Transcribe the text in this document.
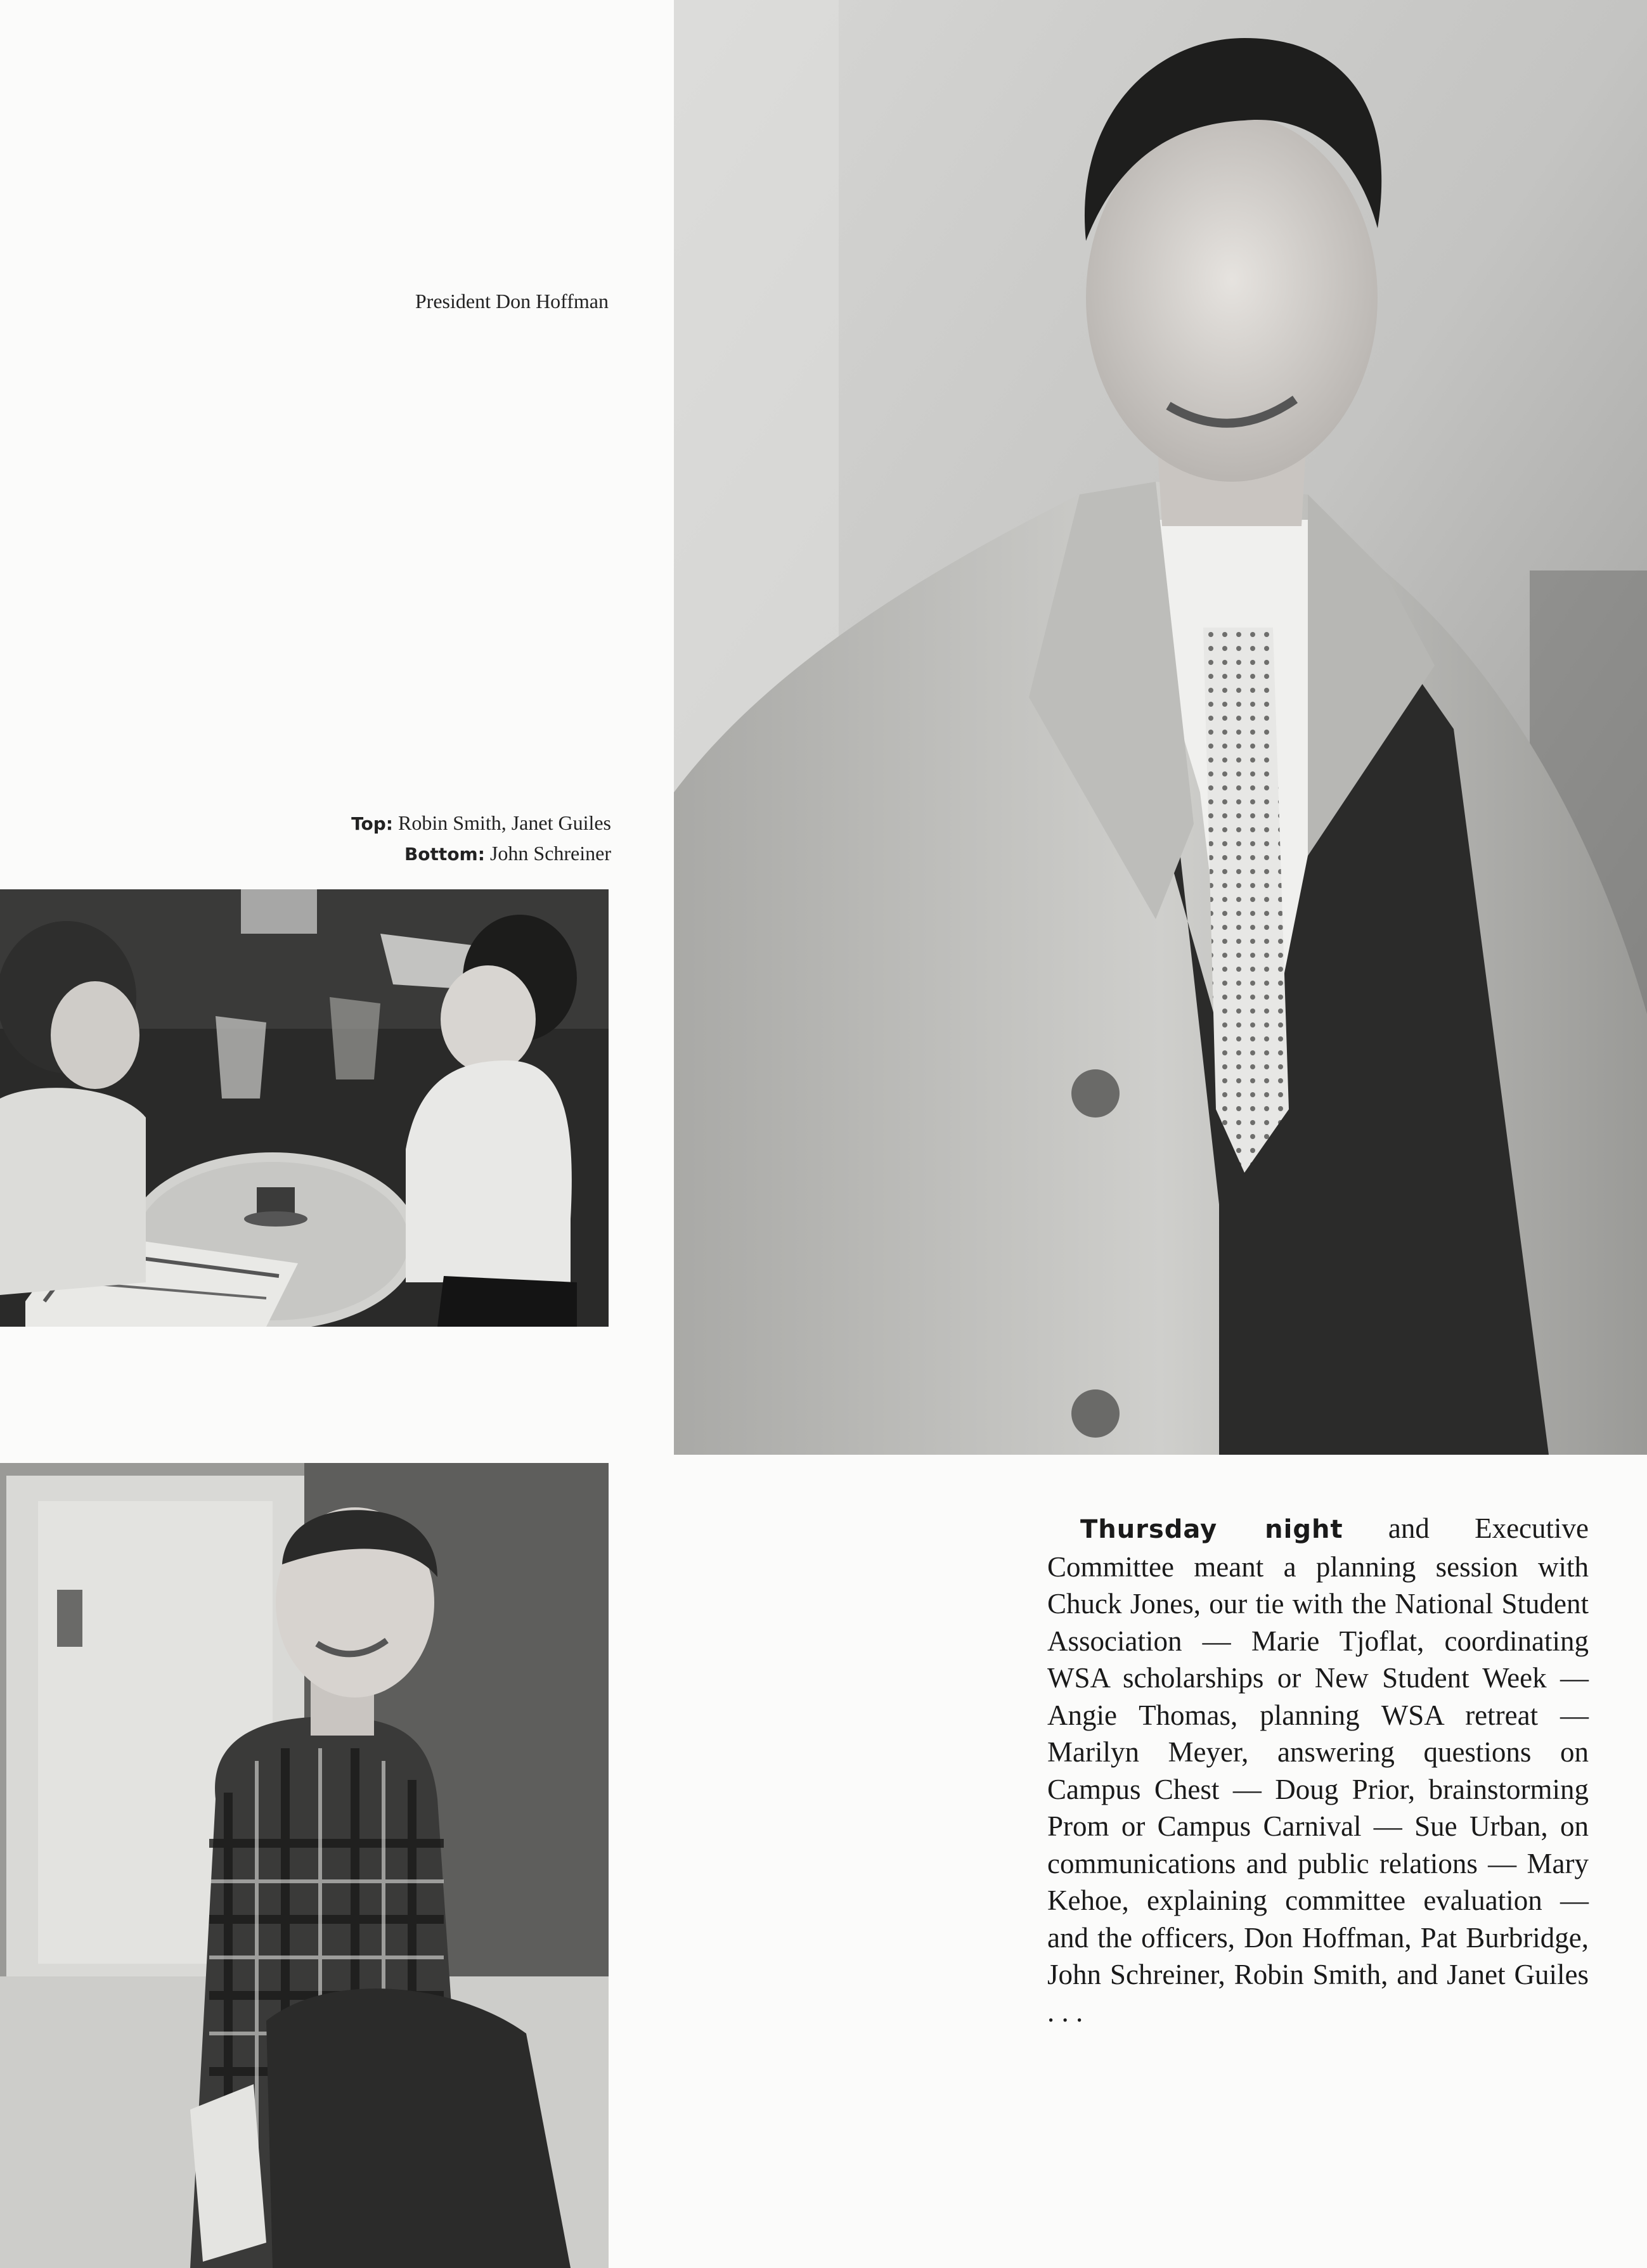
President Don Hoffman
Top: Robin Smith, Janet Guiles
Bottom: John Schreiner
Thursday night and Executive Committee meant a planning session with Chuck Jones, our tie with the National Student Association — Marie Tjoflat, coordinating WSA scholarships or New Student Week — Angie Thomas, planning WSA retreat — Marilyn Meyer, answering questions on Campus Chest — Doug Prior, brainstorming Prom or Campus Carnival — Sue Urban, on communications and public relations — Mary Kehoe, explaining committee evaluation — and the officers, Don Hoffman, Pat Burbridge, John Schreiner, Robin Smith, and Janet Guiles . . .
